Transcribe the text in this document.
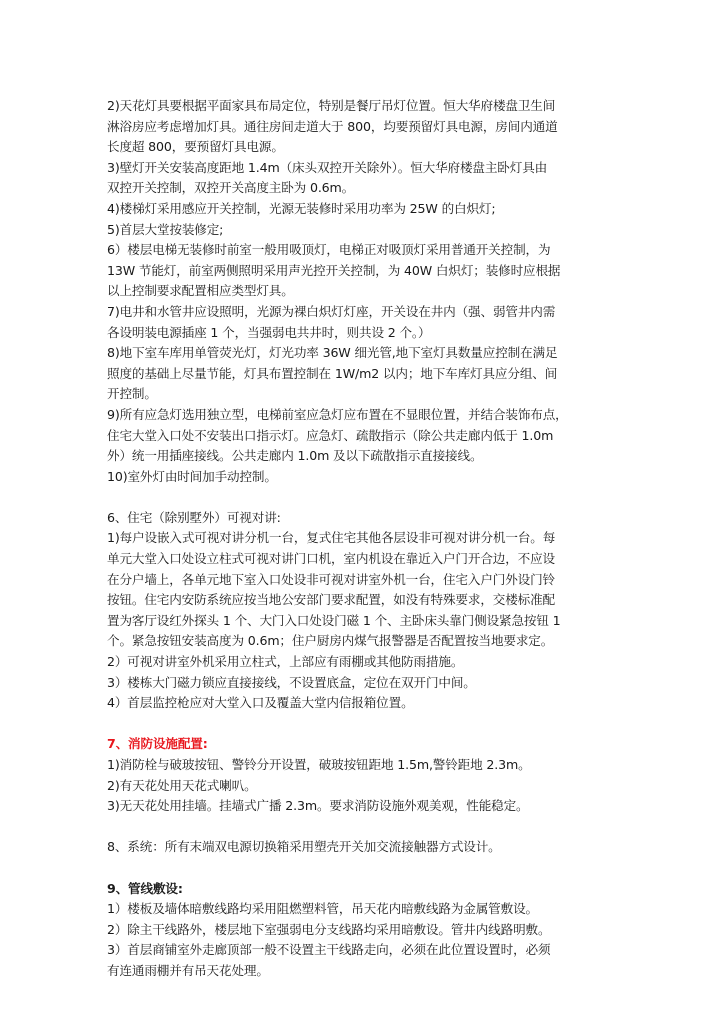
2)天花灯具要根据平面家具布局定位，特别是餐厅吊灯位置。恒大华府楼盘卫生间
淋浴房应考虑增加灯具。通往房间走道大于 800，均要预留灯具电源，房间内通道
长度超 800，要预留灯具电源。
3)壁灯开关安装高度距地 1.4m（床头双控开关除外）。恒大华府楼盘主卧灯具由
双控开关控制，双控开关高度主卧为 0.6m。
4)楼梯灯采用感应开关控制，光源无装修时采用功率为 25W 的白炽灯;
5)首层大堂按装修定;
6）楼层电梯无装修时前室一般用吸顶灯，电梯正对吸顶灯采用普通开关控制，为
13W 节能灯，前室两侧照明采用声光控开关控制，为 40W 白炽灯；装修时应根据
以上控制要求配置相应类型灯具。
7)电井和水管井应设照明，光源为裸白炽灯灯座，开关设在井内（强、弱管井内需
各设明装电源插座 1 个，当强弱电共井时，则共设 2 个。）
8)地下室车库用单管荧光灯，灯光功率 36W 细光管,地下室灯具数量应控制在满足
照度的基础上尽量节能，灯具布置控制在 1W/m2 以内；地下车库灯具应分组、间
开控制。
9)所有应急灯选用独立型，电梯前室应急灯应布置在不显眼位置，并结合装饰布点，
住宅大堂入口处不安装出口指示灯。应急灯、疏散指示（除公共走廊内低于 1.0m
外）统一用插座接线。公共走廊内 1.0m 及以下疏散指示直接接线。
10)室外灯由时间加手动控制。
6、住宅（除别墅外）可视对讲:
1)每户设嵌入式可视对讲分机一台，复式住宅其他各层设非可视对讲分机一台。每
单元大堂入口处设立柱式可视对讲门口机，室内机设在靠近入户门开合边，不应设
在分户墙上，各单元地下室入口处设非可视对讲室外机一台，住宅入户门外设门铃
按钮。住宅内安防系统应按当地公安部门要求配置，如没有特殊要求，交楼标准配
置为客厅设红外探头 1 个、大门入口处设门磁 1 个、主卧床头靠门侧设紧急按钮 1
个。紧急按钮安装高度为 0.6m；住户厨房内煤气报警器是否配置按当地要求定。
2）可视对讲室外机采用立柱式，上部应有雨棚或其他防雨措施。
3）楼栋大门磁力锁应直接接线，不设置底盒，定位在双开门中间。
4）首层监控枪应对大堂入口及覆盖大堂内信报箱位置。
7、消防设施配置:
1)消防栓与破玻按钮、警铃分开设置，破玻按钮距地 1.5m,警铃距地 2.3m。
2)有天花处用天花式喇叭。
3)无天花处用挂墙。挂墙式广播 2.3m。要求消防设施外观美观，性能稳定。
8、系统：所有末端双电源切换箱采用塑壳开关加交流接触器方式设计。
9、管线敷设:
1）楼板及墙体暗敷线路均采用阻燃塑料管，吊天花内暗敷线路为金属管敷设。
2）除主干线路外，楼层地下室强弱电分支线路均采用暗敷设。管井内线路明敷。
3）首层商铺室外走廊顶部一般不设置主干线路走向，必须在此位置设置时，必须
有连通雨棚并有吊天花处理。
